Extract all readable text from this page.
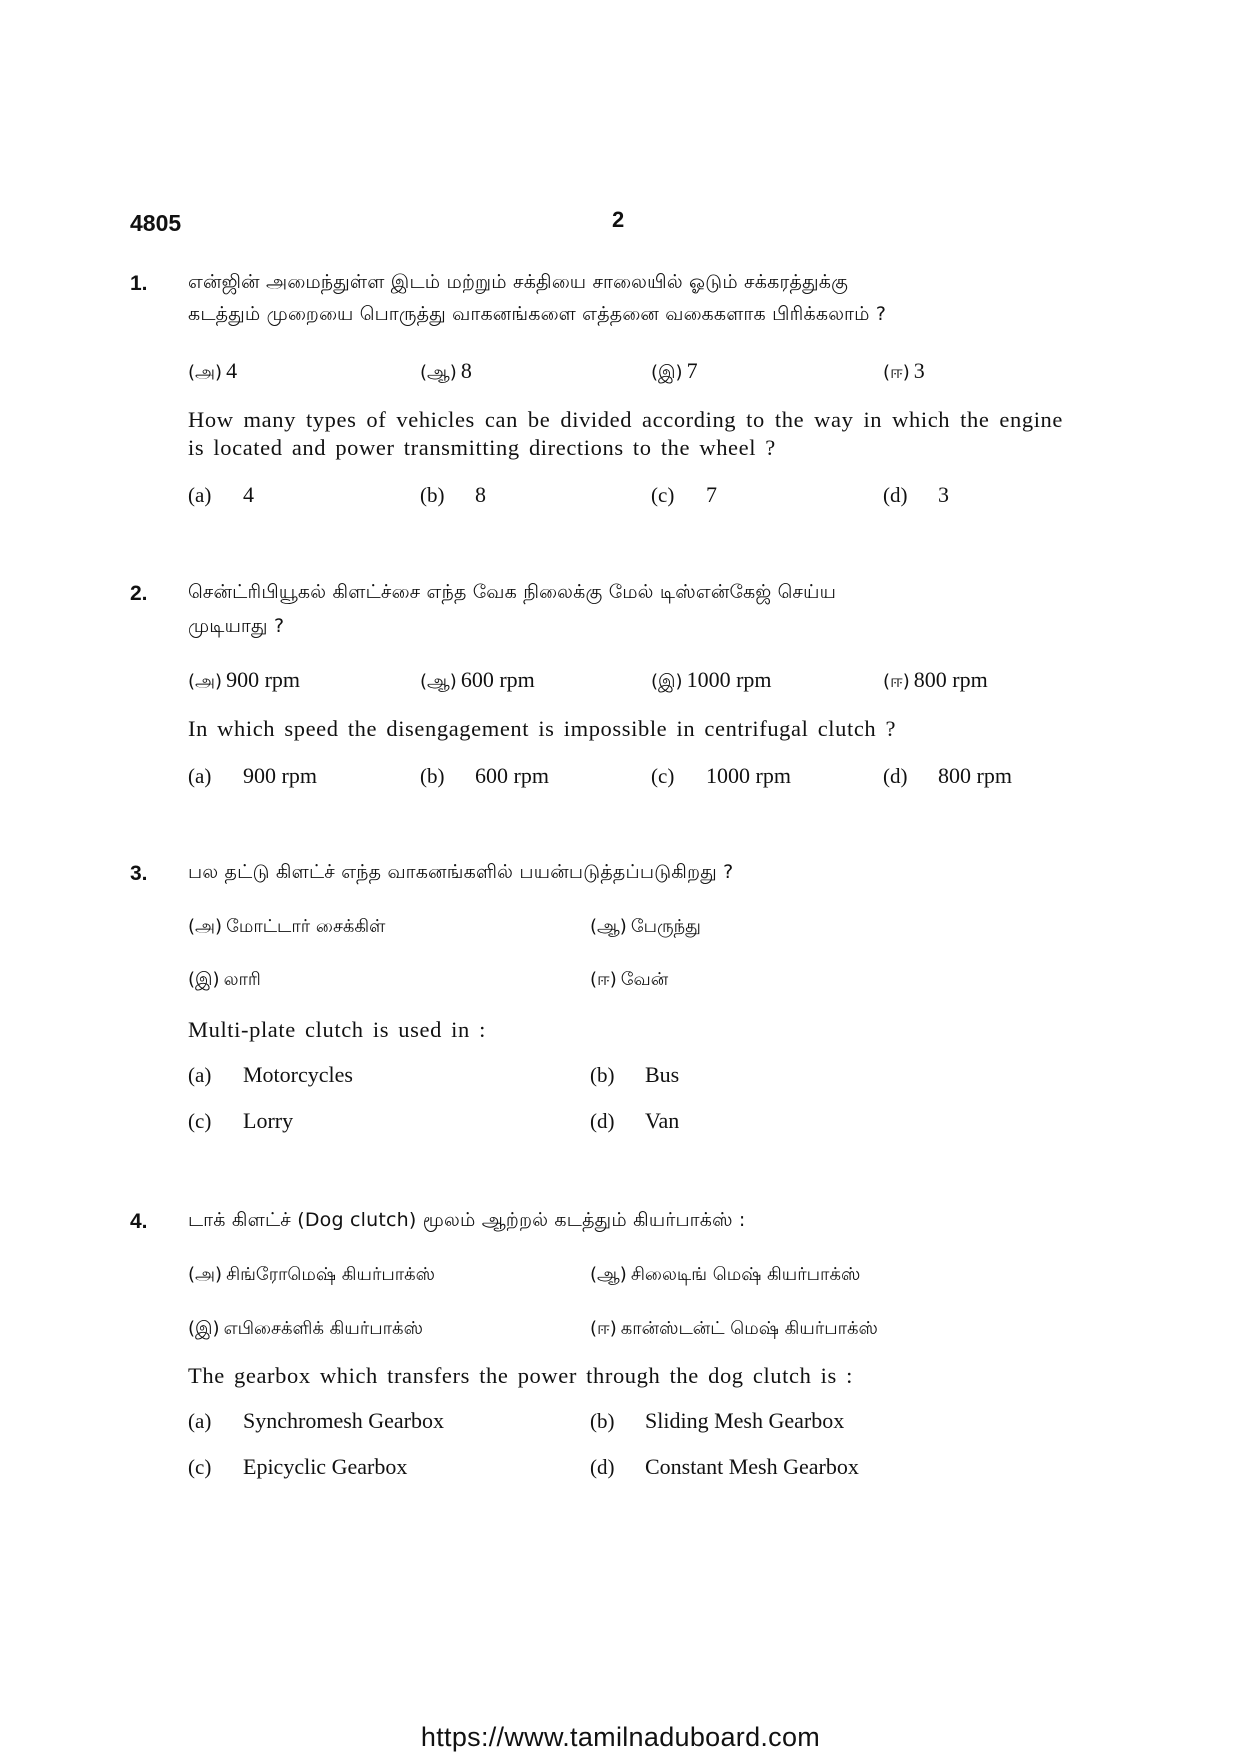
4805	2
1. என்ஜின் அமைந்துள்ள இடம் மற்றும் சக்தியை சாலையில் ஓடும் சக்கரத்துக்கு
கடத்தும் முறையை பொருத்து வாகனங்களை எத்தனை வகைகளாக பிரிக்கலாம் ?
(அ) 4	(ஆ) 8	(இ) 7	(ஈ) 3
How many types of vehicles can be divided according to the way in which the engine is located and power transmitting directions to the wheel ?
(a) 4	(b) 8	(c) 7	(d) 3
2. சென்ட்ரிபியூகல் கிளட்ச்சை எந்த வேக நிலைக்கு மேல் டிஸ்என்கேஜ் செய்ய
முடியாது ?
(அ) 900 rpm	(ஆ) 600 rpm	(இ) 1000 rpm	(ஈ) 800 rpm
In which speed the disengagement is impossible in centrifugal clutch ?
(a) 900 rpm	(b) 600 rpm	(c) 1000 rpm	(d) 800 rpm
3. பல தட்டு கிளட்ச் எந்த வாகனங்களில் பயன்படுத்தப்படுகிறது ?
(அ) மோட்டார் சைக்கிள்	(ஆ) பேருந்து
(இ) லாரி	(ஈ) வேன்
Multi-plate clutch is used in :
(a) Motorcycles	(b) Bus
(c) Lorry	(d) Van
4. டாக் கிளட்ச் (Dog clutch) மூலம் ஆற்றல் கடத்தும் கியர்பாக்ஸ் :
(அ) சிங்ரோமெஷ் கியர்பாக்ஸ்	(ஆ) சிலைடிங் மெஷ் கியர்பாக்ஸ்
(இ) எபிசைக்ளிக் கியர்பாக்ஸ்	(ஈ) கான்ஸ்டன்ட் மெஷ் கியர்பாக்ஸ்
The gearbox which transfers the power through the dog clutch is :
(a) Synchromesh Gearbox	(b) Sliding Mesh Gearbox
(c) Epicyclic Gearbox	(d) Constant Mesh Gearbox
https://www.tamilnaduboard.com
